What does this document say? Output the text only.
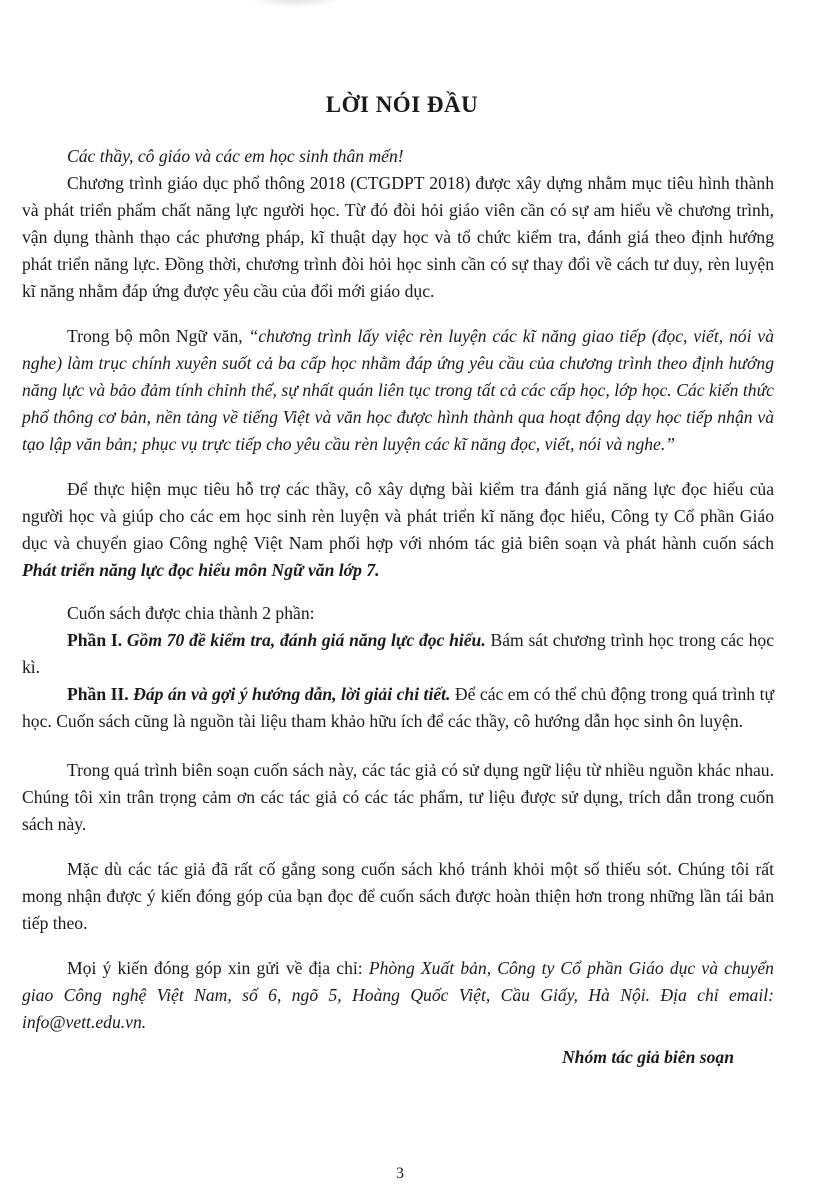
LỜI NÓI ĐẦU

Các thầy, cô giáo và các em học sinh thân mến!

Chương trình giáo dục phổ thông 2018 (CTGDPT 2018) được xây dựng nhằm mục tiêu hình thành và phát triển phẩm chất năng lực người học. Từ đó đòi hỏi giáo viên cần có sự am hiểu về chương trình, vận dụng thành thạo các phương pháp, kĩ thuật dạy học và tổ chức kiểm tra, đánh giá theo định hướng phát triển năng lực. Đồng thời, chương trình đòi hỏi học sinh cần có sự thay đổi về cách tư duy, rèn luyện kĩ năng nhằm đáp ứng được yêu cầu của đổi mới giáo dục.

Trong bộ môn Ngữ văn, “chương trình lấy việc rèn luyện các kĩ năng giao tiếp (đọc, viết, nói và nghe) làm trục chính xuyên suốt cả ba cấp học nhằm đáp ứng yêu cầu của chương trình theo định hướng năng lực và bảo đảm tính chỉnh thể, sự nhất quán liên tục trong tất cả các cấp học, lớp học. Các kiến thức phổ thông cơ bản, nền tảng về tiếng Việt và văn học được hình thành qua hoạt động dạy học tiếp nhận và tạo lập văn bản; phục vụ trực tiếp cho yêu cầu rèn luyện các kĩ năng đọc, viết, nói và nghe.”

Để thực hiện mục tiêu hỗ trợ các thầy, cô xây dựng bài kiểm tra đánh giá năng lực đọc hiểu của người học và giúp cho các em học sinh rèn luyện và phát triển kĩ năng đọc hiểu, Công ty Cổ phần Giáo dục và chuyển giao Công nghệ Việt Nam phối hợp với nhóm tác giả biên soạn và phát hành cuốn sách Phát triển năng lực đọc hiểu môn Ngữ văn lớp 7.

Cuốn sách được chia thành 2 phần:

Phần I. Gồm 70 đề kiểm tra, đánh giá năng lực đọc hiểu. Bám sát chương trình học trong các học kì.

Phần II. Đáp án và gợi ý hướng dẫn, lời giải chi tiết. Để các em có thể chủ động trong quá trình tự học. Cuốn sách cũng là nguồn tài liệu tham khảo hữu ích để các thầy, cô hướng dẫn học sinh ôn luyện.

Trong quá trình biên soạn cuốn sách này, các tác giả có sử dụng ngữ liệu từ nhiều nguồn khác nhau. Chúng tôi xin trân trọng cảm ơn các tác giả có các tác phẩm, tư liệu được sử dụng, trích dẫn trong cuốn sách này.

Mặc dù các tác giả đã rất cố gắng song cuốn sách khó tránh khỏi một số thiếu sót. Chúng tôi rất mong nhận được ý kiến đóng góp của bạn đọc để cuốn sách được hoàn thiện hơn trong những lần tái bản tiếp theo.

Mọi ý kiến đóng góp xin gửi về địa chỉ: Phòng Xuất bản, Công ty Cổ phần Giáo dục và chuyển giao Công nghệ Việt Nam, số 6, ngõ 5, Hoàng Quốc Việt, Cầu Giấy, Hà Nội. Địa chỉ email: info@vett.edu.vn.

Nhóm tác giả biên soạn
3
